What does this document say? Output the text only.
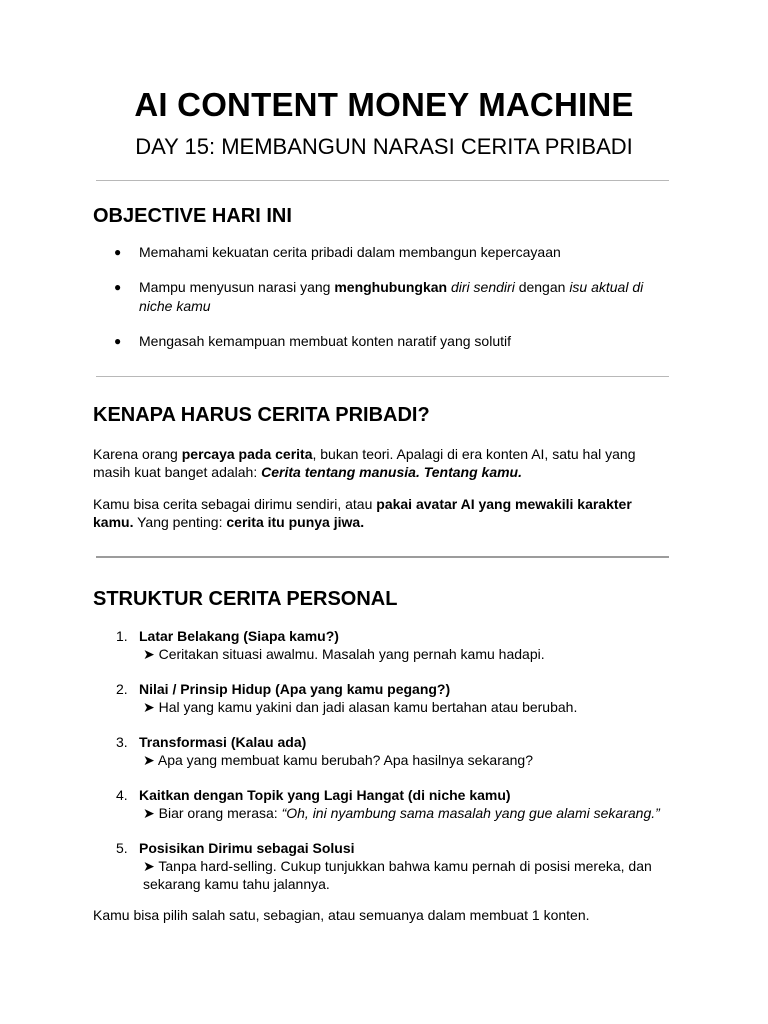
AI CONTENT MONEY MACHINE
DAY 15: MEMBANGUN NARASI CERITA PRIBADI
OBJECTIVE HARI INI
● Memahami kekuatan cerita pribadi dalam membangun kepercayaan
● Mampu menyusun narasi yang menghubungkan diri sendiri dengan isu aktual di niche kamu
● Mengasah kemampuan membuat konten naratif yang solutif
KENAPA HARUS CERITA PRIBADI?

Karena orang percaya pada cerita, bukan teori. Apalagi di era konten AI, satu hal yang masih kuat banget adalah: Cerita tentang manusia. Tentang kamu.

Kamu bisa cerita sebagai dirimu sendiri, atau pakai avatar AI yang mewakili karakter kamu. Yang penting: cerita itu punya jiwa.

STRUKTUR CERITA PERSONAL
1. Latar Belakang (Siapa kamu?)
➤ Ceritakan situasi awalmu. Masalah yang pernah kamu hadapi.
2. Nilai / Prinsip Hidup (Apa yang kamu pegang?)
➤ Hal yang kamu yakini dan jadi alasan kamu bertahan atau berubah.
3. Transformasi (Kalau ada)
➤ Apa yang membuat kamu berubah? Apa hasilnya sekarang?
4. Kaitkan dengan Topik yang Lagi Hangat (di niche kamu)
➤ Biar orang merasa: “Oh, ini nyambung sama masalah yang gue alami sekarang.”
5. Posisikan Dirimu sebagai Solusi
➤ Tanpa hard-selling. Cukup tunjukkan bahwa kamu pernah di posisi mereka, dan sekarang kamu tahu jalannya.

Kamu bisa pilih salah satu, sebagian, atau semuanya dalam membuat 1 konten.
